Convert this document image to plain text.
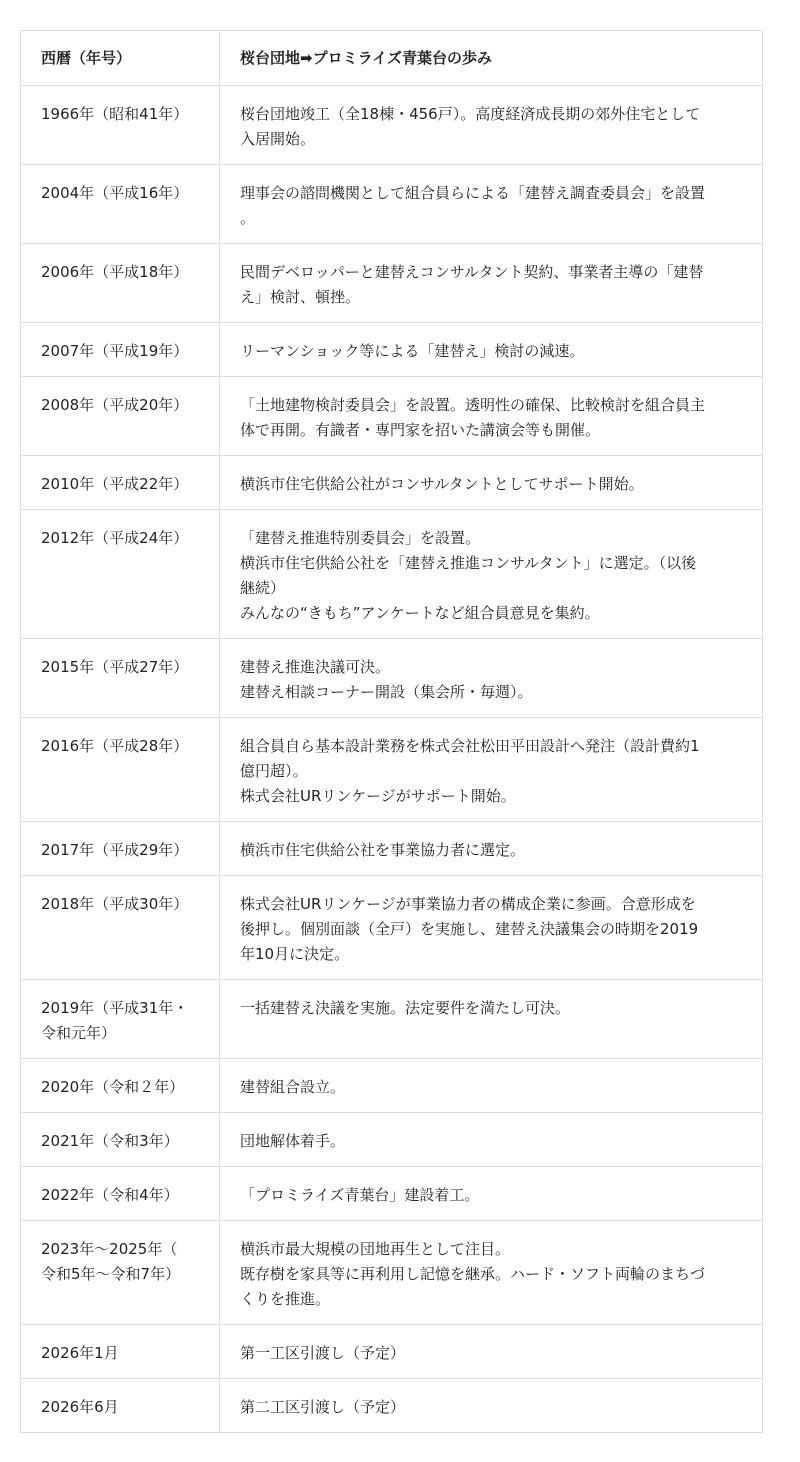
西暦（年号）	桜台団地➡プロミライズ青葉台の歩み

1966年（昭和41年）	桜台団地竣工（全18棟・456戸）。高度経済成長期の郊外住宅として
入居開始。

2004年（平成16年）	理事会の諮問機関として組合員らによる「建替え調査委員会」を設置
。

2006年（平成18年）	民間デベロッパーと建替えコンサルタント契約、事業者主導の「建替
え」検討、頓挫。

2007年（平成19年）	リーマンショック等による「建替え」検討の減速。

2008年（平成20年）	「土地建物検討委員会」を設置。透明性の確保、比較検討を組合員主
体で再開。有識者・専門家を招いた講演会等も開催。

2010年（平成22年）	横浜市住宅供給公社がコンサルタントとしてサポート開始。

2012年（平成24年）	「建替え推進特別委員会」を設置。
横浜市住宅供給公社を「建替え推進コンサルタント」に選定。（以後
継続）
みんなの“きもち”アンケートなど組合員意見を集約。

2015年（平成27年）	建替え推進決議可決。
建替え相談コーナー開設（集会所・毎週）。

2016年（平成28年）	組合員自ら基本設計業務を株式会社松田平田設計へ発注（設計費約1
億円超）。
株式会社URリンケージがサポート開始。

2017年（平成29年）	横浜市住宅供給公社を事業協力者に選定。

2018年（平成30年）	株式会社URリンケージが事業協力者の構成企業に参画。合意形成を
後押し。個別面談（全戸）を実施し、建替え決議集会の時期を2019
年10月に決定。

2019年（平成31年・
令和元年）	一括建替え決議を実施。法定要件を満たし可決。

2020年（令和２年）	建替組合設立。

2021年（令和3年）	団地解体着手。

2022年（令和4年）	「プロミライズ青葉台」建設着工。

2023年～2025年（
令和5年～令和7年）	横浜市最大規模の団地再生として注目。
既存樹を家具等に再利用し記憶を継承。ハード・ソフト両輪のまちづ
くりを推進。

2026年1月	第一工区引渡し（予定）

2026年6月	第二工区引渡し（予定）
